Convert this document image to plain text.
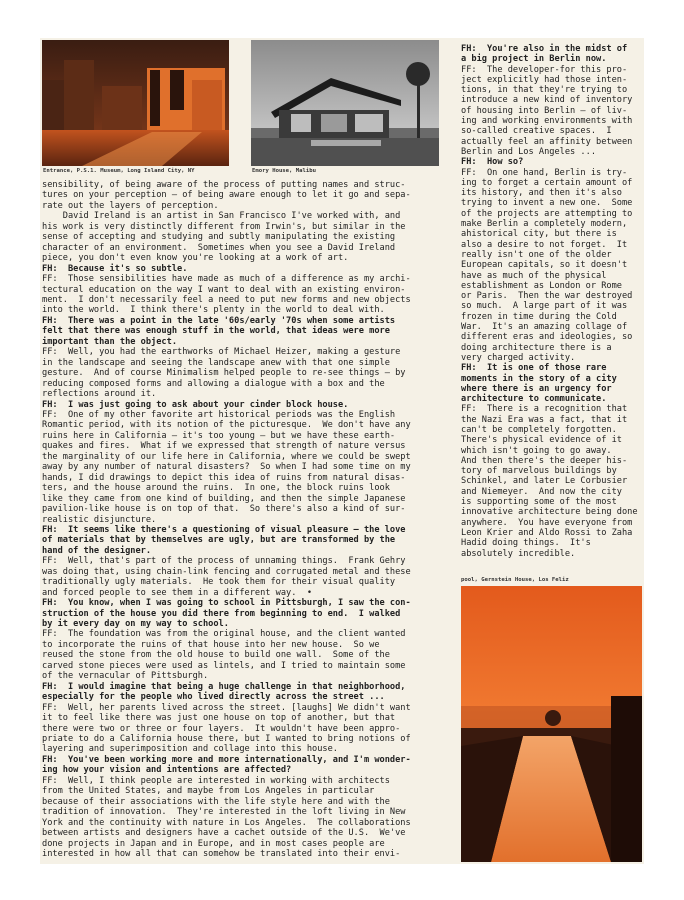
Entrance, P.S.1. Museum, Long Island City, NY	Emory House, Malibu
sensibility, of being aware of the process of putting names and struc-
tures on your perception — of being aware enough to let it go and sepa-
rate out the layers of perception.
David Ireland is an artist in San Francisco I've worked with, and
his work is very distinctly different from Irwin's, but similar in the
sense of accepting and studying and subtly manipulating the existing
character of an environment.  Sometimes when you see a David Ireland
piece, you don't even know you're looking at a work of art.
FH:  Because it's so subtle.
FF:  Those sensibilities have made as much of a difference as my archi-
tectural education on the way I want to deal with an existing environ-
ment.  I don't necessarily feel a need to put new forms and new objects
into the world.  I think there's plenty in the world to deal with.
FH:  There was a point in the late '60s/early '70s when some artists
felt that there was enough stuff in the world, that ideas were more
important than the object.
FF:  Well, you had the earthworks of Michael Heizer, making a gesture
in the landscape and seeing the landscape anew with that one simple
gesture.  And of course Minimalism helped people to re-see things — by
reducing composed forms and allowing a dialogue with a box and the
reflections around it.
FH:  I was just going to ask about your cinder block house.
FF:  One of my other favorite art historical periods was the English
Romantic period, with its notion of the picturesque.  We don't have any
ruins here in California — it's too young — but we have these earth-
quakes and fires.  What if we expressed that strength of nature versus
the marginality of our life here in California, where we could be swept
away by any number of natural disasters?  So when I had some time on my
hands, I did drawings to depict this idea of ruins from natural disas-
ters, and the house around the ruins.  In one, the block ruins look
like they came from one kind of building, and then the simple Japanese
pavilion-like house is on top of that.  So there's also a kind of sur-
realistic disjuncture.
FH:  It seems like there's a questioning of visual pleasure — the love
of materials that by themselves are ugly, but are transformed by the
hand of the designer.
FF:  Well, that's part of the process of unnaming things.  Frank Gehry
was doing that, using chain-link fencing and corrugated metal and these
traditionally ugly materials.  He took them for their visual quality
and forced people to see them in a different way.  •
FH:  You know, when I was going to school in Pittsburgh, I saw the con-
struction of the house you did there from beginning to end.  I walked
by it every day on my way to school.
FF:  The foundation was from the original house, and the client wanted
to incorporate the ruins of that house into her new house.  So we
reused the stone from the old house to build one wall.  Some of the
carved stone pieces were used as lintels, and I tried to maintain some
of the vernacular of Pittsburgh.
FH:  I would imagine that being a huge challenge in that neighborhood,
especially for the people who lived directly across the street ...
FF:  Well, her parents lived across the street. [laughs] We didn't want
it to feel like there was just one house on top of another, but that
there were two or three or four layers.  It wouldn't have been appro-
priate to do a California house there, but I wanted to bring notions of
layering and superimposition and collage into this house.
FH:  You've been working more and more internationally, and I'm wonder-
ing how your vision and intentions are affected?
FF:  Well, I think people are interested in working with architects
from the United States, and maybe from Los Angeles in particular
because of their associations with the life style here and with the
tradition of innovation.  They're interested in the loft living in New
York and the continuity with nature in Los Angeles.  The collaborations
between artists and designers have a cachet outside of the U.S.  We've
done projects in Japan and in Europe, and in most cases people are
interested in how all that can somehow be translated into their envi-
FH:  You're also in the midst of
a big project in Berlin now.
FF:  The developer-for this pro-
ject explicitly had those inten-
tions, in that they're trying to
introduce a new kind of inventory
of housing into Berlin — of liv-
ing and working environments with
so-called creative spaces.  I
actually feel an affinity between
Berlin and Los Angeles ...
FH:  How so?
FF:  On one hand, Berlin is try-
ing to forget a certain amount of
its history, and then it's also
trying to invent a new one.  Some
of the projects are attempting to
make Berlin a completely modern,
ahistorical city, but there is
also a desire to not forget.  It
really isn't one of the older
European capitals, so it doesn't
have as much of the physical
establishment as London or Rome
or Paris.  Then the war destroyed
so much.  A large part of it was
frozen in time during the Cold
War.  It's an amazing collage of
different eras and ideologies, so
doing architecture there is a
very charged activity.
FH:  It is one of those rare
moments in the story of a city
where there is an urgency for
architecture to communicate.
FF:  There is a recognition that
the Nazi Era was a fact, that it
can't be completely forgotten.
There's physical evidence of it
which isn't going to go away.
And then there's the deeper his-
tory of marvelous buildings by
Schinkel, and later Le Corbusier
and Niemeyer.  And now the city
is supporting some of the most
innovative architecture being done
anywhere.  You have everyone from
Leon Krier and Aldo Rossi to Zaha
Hadid doing things.  It's
absolutely incredible.
pool, Gernstein House, Los Feliz
